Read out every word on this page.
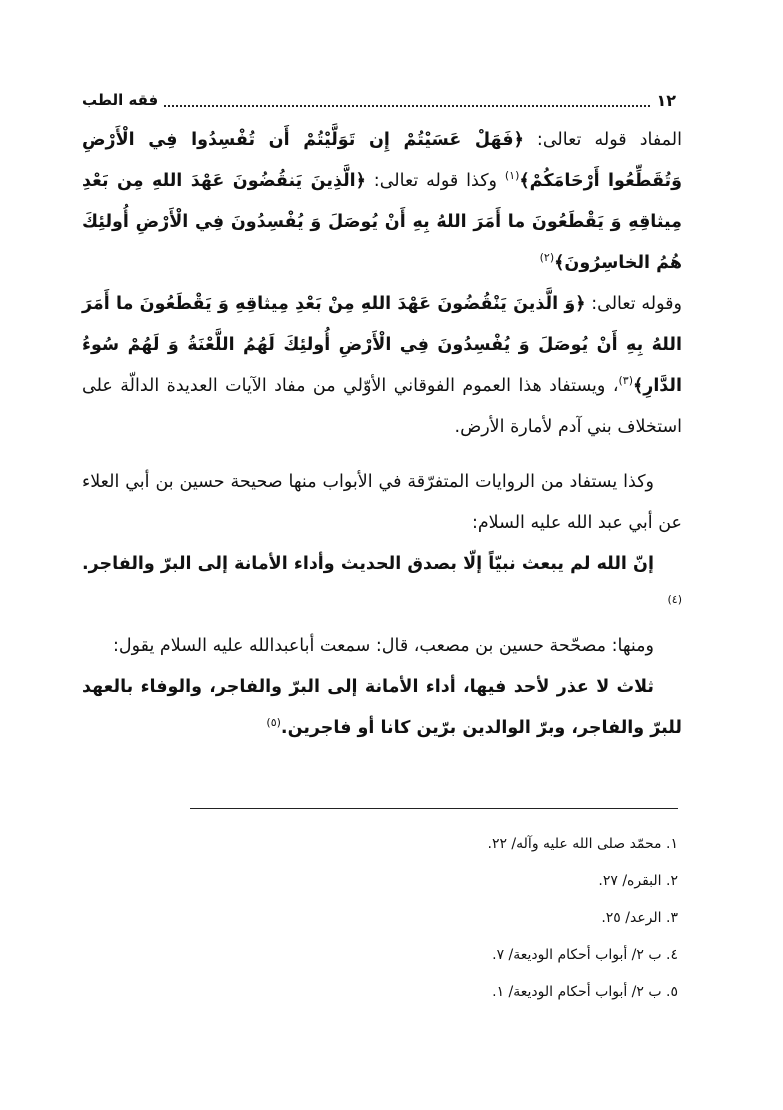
١٢
فقه الطب

المفاد قوله تعالى: ﴿فَهَلْ عَسَيْتُمْ إِن تَوَلَّيْتُمْ أَن تُفْسِدُوا فِي الْأَرْضِ وَتُقَطِّعُوا أَرْحَامَكُمْ﴾$^{(١)}$ وكذا قوله تعالى: ﴿الَّذِينَ يَنقُضُونَ عَهْدَ اللهِ مِن بَعْدِ مِيثاقِهِ وَ يَقْطَعُونَ ما أَمَرَ اللهُ بِهِ أَنْ يُوصَلَ وَ يُفْسِدُونَ فِي الْأَرْضِ أُولئِكَ هُمُ الخاسِرُونَ﴾$^{(٢)}$

وقوله تعالى: ﴿وَ الَّذينَ يَنْقُضُونَ عَهْدَ اللهِ مِنْ بَعْدِ مِيثاقِهِ وَ يَقْطَعُونَ ما أَمَرَ اللهُ بِهِ أَنْ يُوصَلَ وَ يُفْسِدُونَ فِي الْأَرْضِ أُولئِكَ لَهُمُ اللَّعْنَةُ وَ لَهُمْ سُوءُ الدَّارِ﴾$^{(٣)}$، ويستفاد هذا العموم الفوقاني الأوّلي من مفاد الآيات العديدة الدالّة على استخلاف بني آدم لأمارة الأرض.

وكذا يستفاد من الروايات المتفرّقة في الأبواب منها صحيحة حسين بن أبي العلاء عن أبي عبد الله عليه السلام:

إنّ الله لم يبعث نبيّاً إلّا بصدق الحديث وأداء الأمانة إلى البرّ والفاجر.$^{(٤)}$

ومنها: مصحّحة حسين بن مصعب، قال: سمعت أباعبدالله عليه السلام يقول:

ثلاث لا عذر لأحد فيها، أداء الأمانة إلى البرّ والفاجر، والوفاء بالعهد للبرّ والفاجر، وبرّ الوالدين برّين كانا أو فاجرين.$^{(٥)}$

١. محمّد صلى الله عليه وآله/ ٢٢.
٢. البقره/ ٢٧.
٣. الرعد/ ٢٥.
٤. ب ٢/ أبواب أحكام الوديعة/ ٧.
٥. ب ٢/ أبواب أحكام الوديعة/ ١.
